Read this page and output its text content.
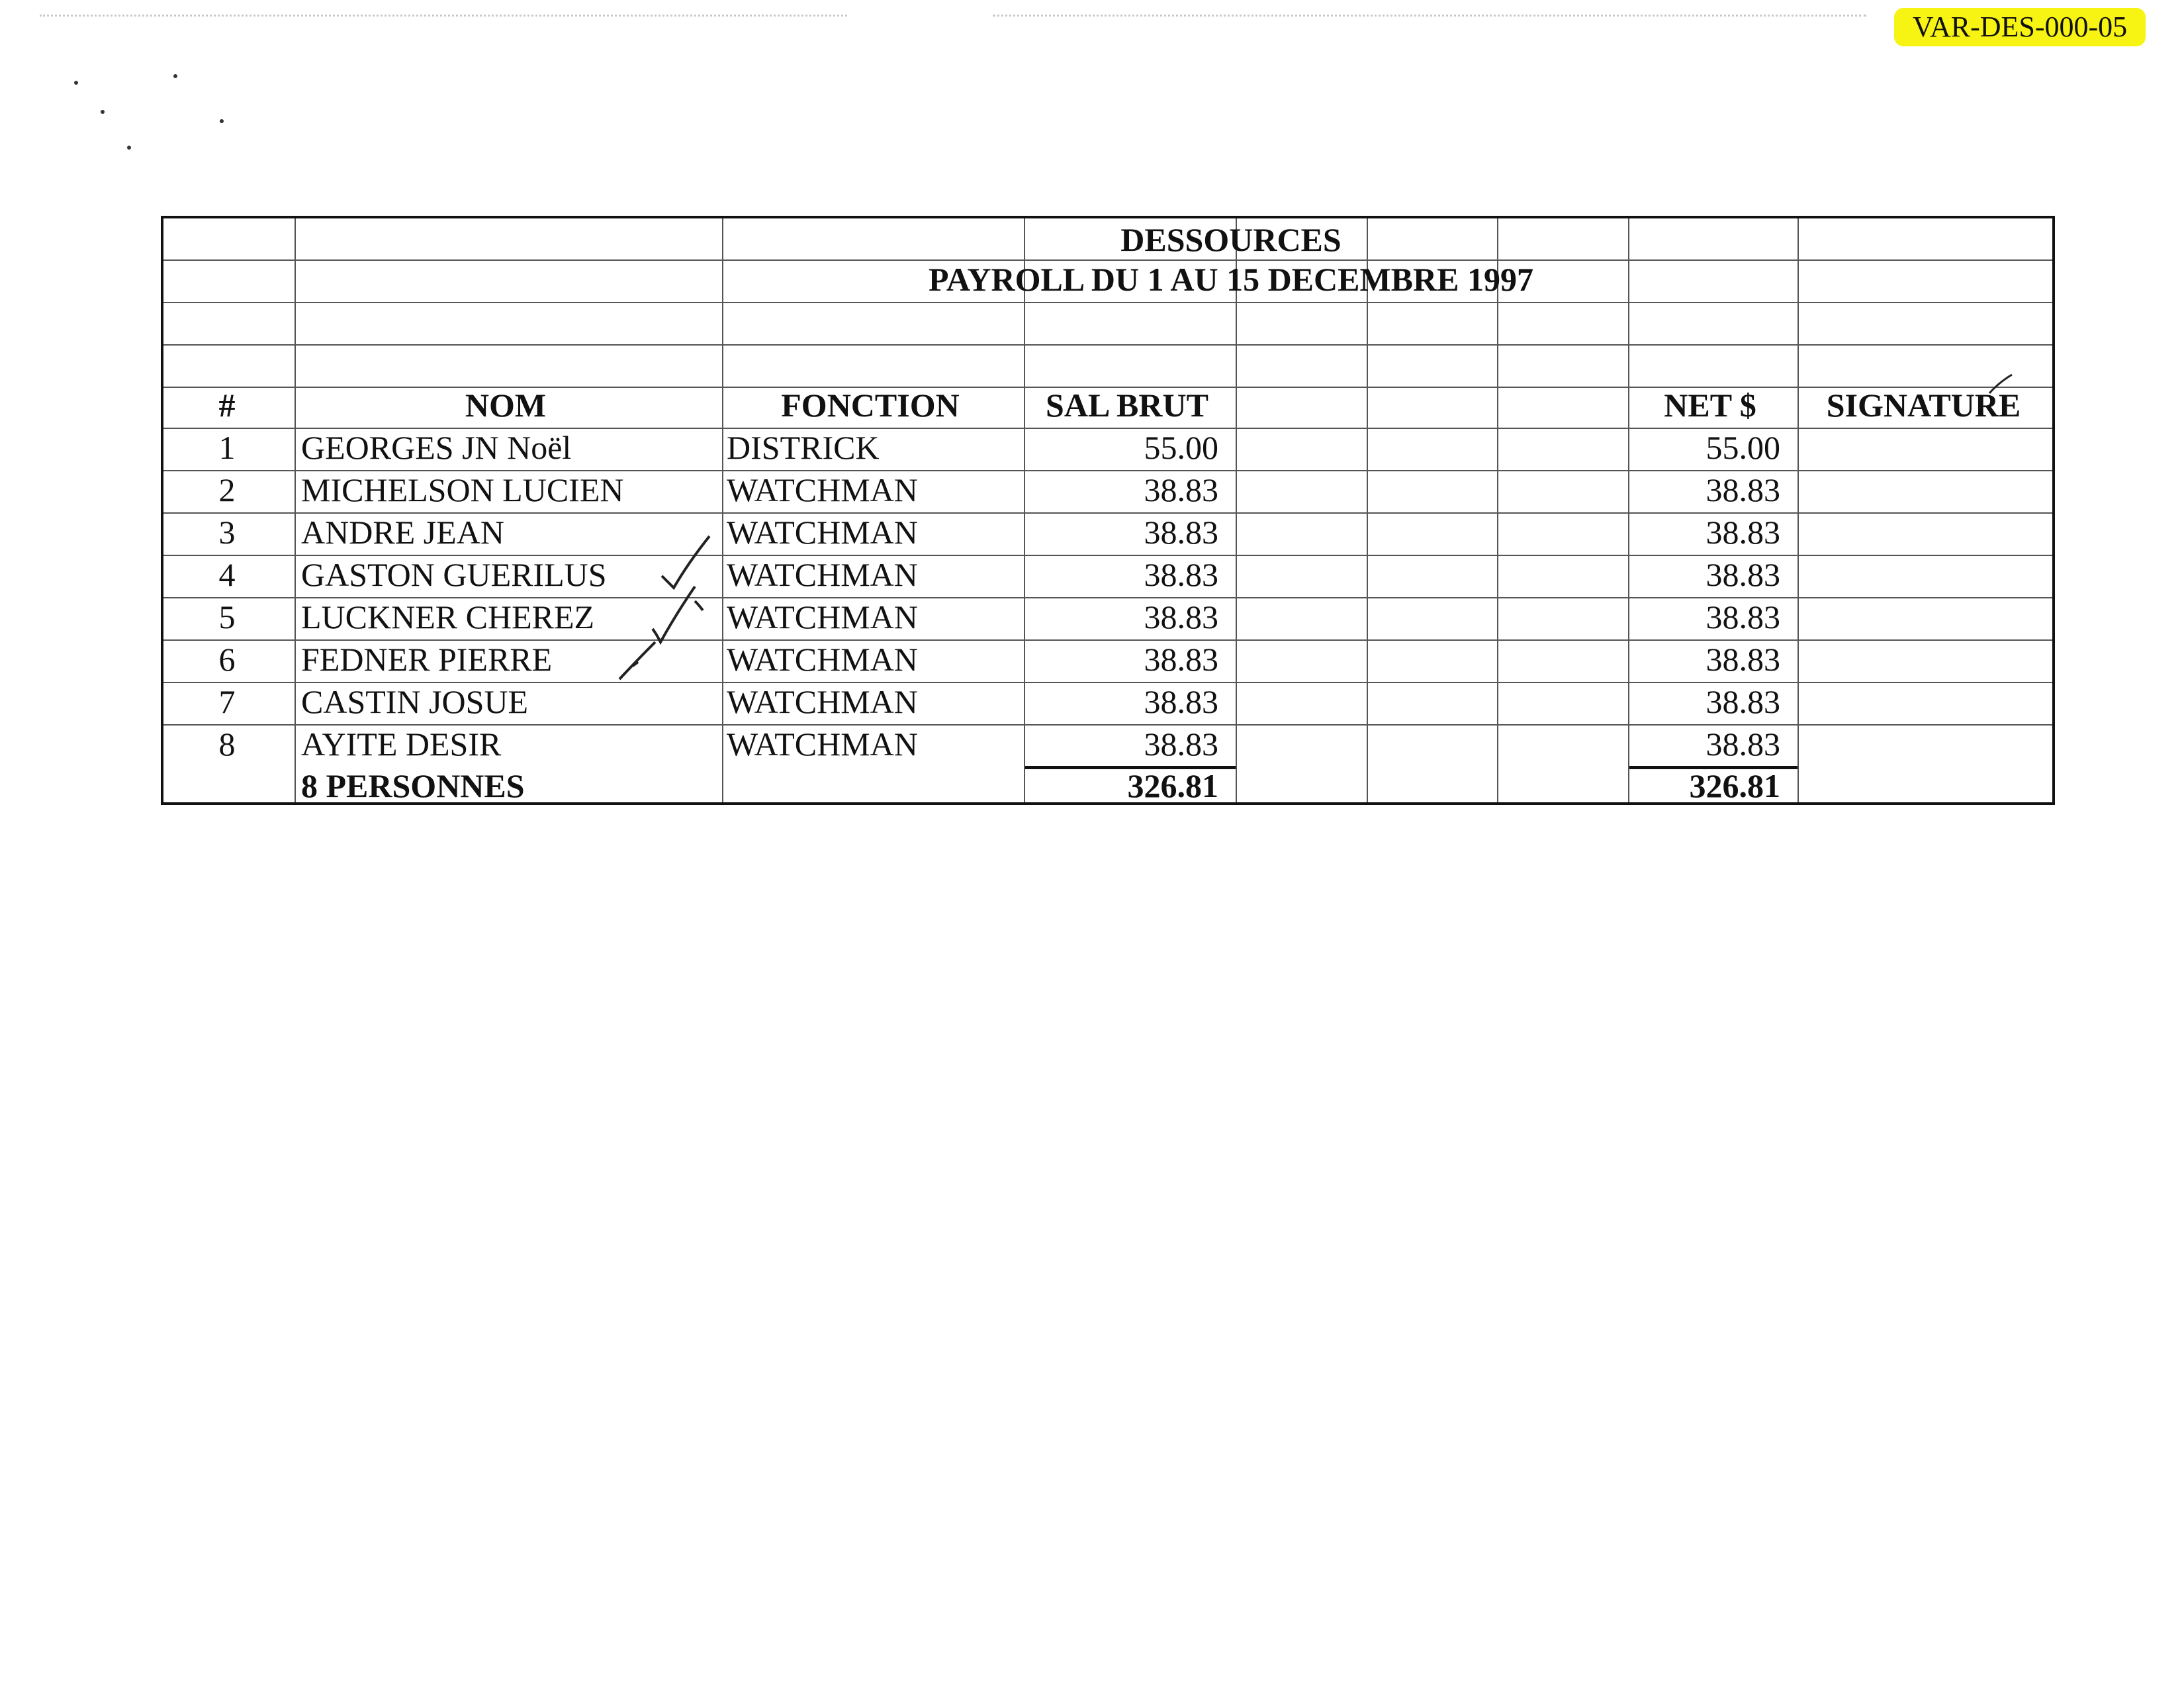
VAR-DES-000-05
DESSOURCES
PAYROLL DU 1 AU 15 DECEMBRE 1997
#	NOM	FONCTION	SAL BRUT	NET $	SIGNATURE
1	GEORGES JN Noël	DISTRICK	55.00	55.00
2	MICHELSON LUCIEN	WATCHMAN	38.83	38.83
3	ANDRE JEAN	WATCHMAN	38.83	38.83
4	GASTON GUERILUS	WATCHMAN	38.83	38.83
5	LUCKNER CHEREZ	WATCHMAN	38.83	38.83
6	FEDNER PIERRE	WATCHMAN	38.83	38.83
7	CASTIN JOSUE	WATCHMAN	38.83	38.83
8	AYITE DESIR	WATCHMAN	38.83	38.83
8 PERSONNES	326.81	326.81
